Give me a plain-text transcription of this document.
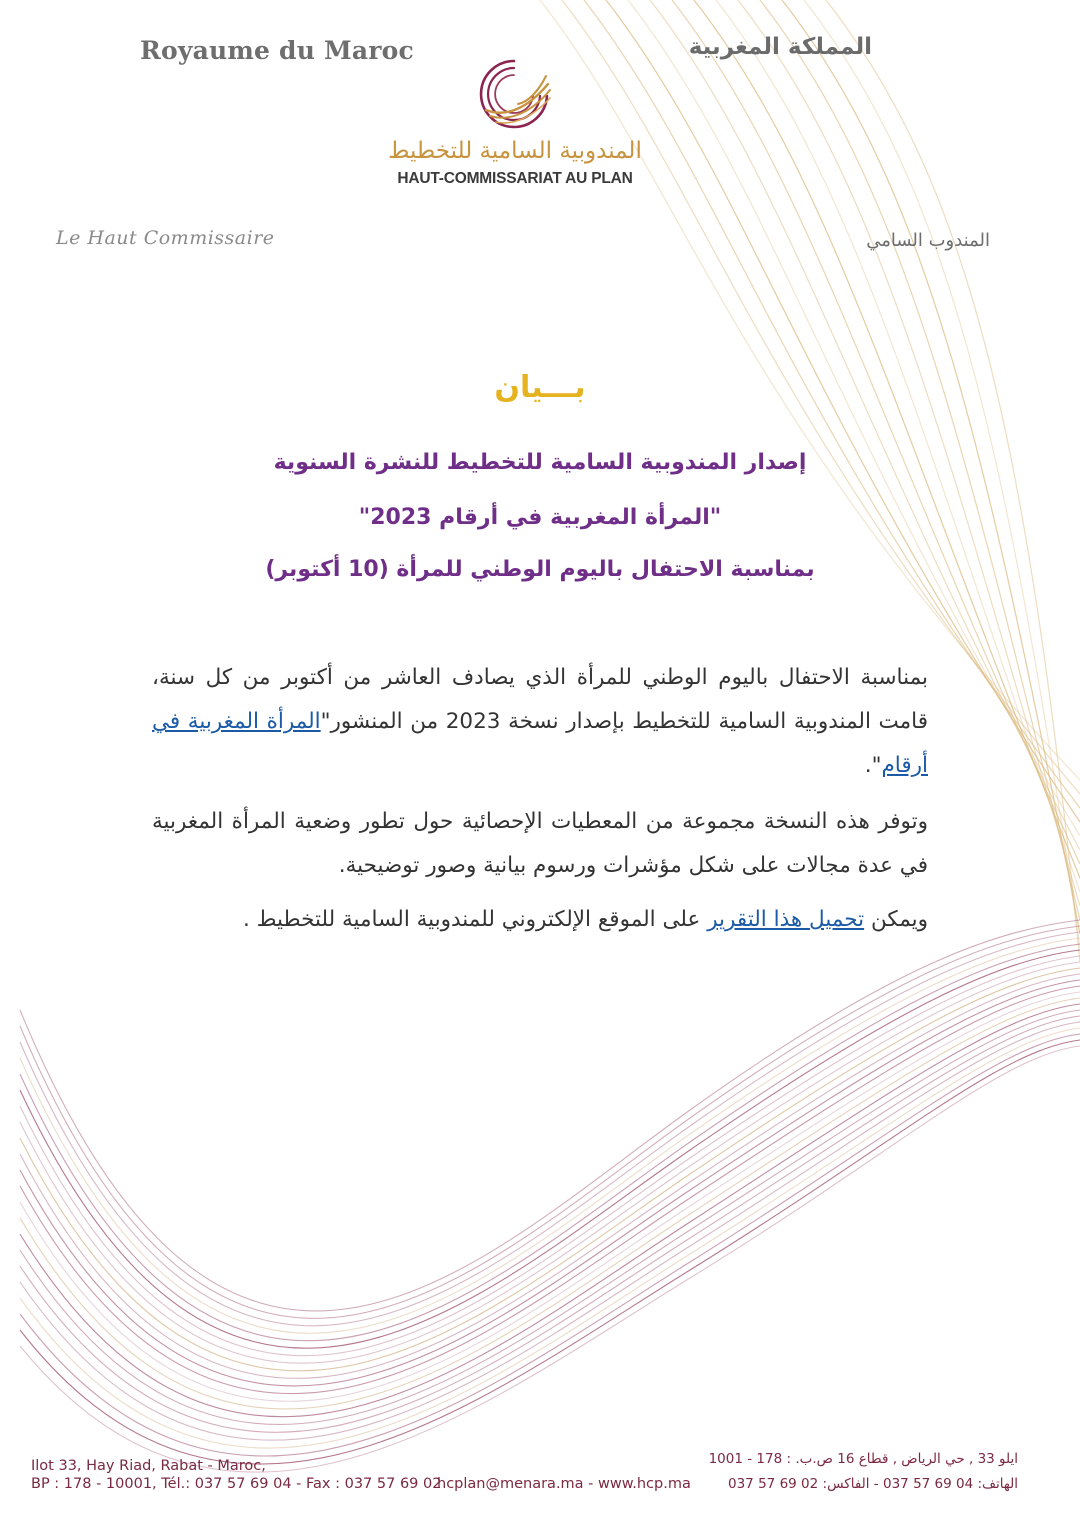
Royaume du Maroc	المملكة المغربية
المندوبية السامية للتخطيط
HAUT-COMMISSARIAT AU PLAN
Le Haut Commissaire	المندوب السامي
بـــيان
إصدار المندوبية السامية للتخطيط للنشرة السنوية
"المرأة المغربية في أرقام 2023"
بمناسبة الاحتفال باليوم الوطني للمرأة (10 أكتوبر)
بمناسبة الاحتفال باليوم الوطني للمرأة الذي يصادف العاشر من أكتوبر من كل سنة، قامت المندوبية السامية للتخطيط بإصدار نسخة 2023 من المنشور"المرأة المغربية في أرقام".
وتوفر هذه النسخة مجموعة من المعطيات الإحصائية حول تطور وضعية المرأة المغربية في عدة مجالات على شكل مؤشرات ورسوم بيانية وصور توضيحية.
ويمكن تحميل هذا التقرير على الموقع الإلكتروني للمندوبية السامية للتخطيط .
Ilot 33, Hay Riad, Rabat - Maroc,
BP : 178 - 10001, Tél.: 037 57 69 04 - Fax : 037 57 69 02
hcplan@menara.ma - www.hcp.ma
ايلو 33 , حي الرياض , قطاع 16 ص.ب. : 178 - 1001
الهاتف: 04 69 57 037 - الفاكس: 02 69 57 037
